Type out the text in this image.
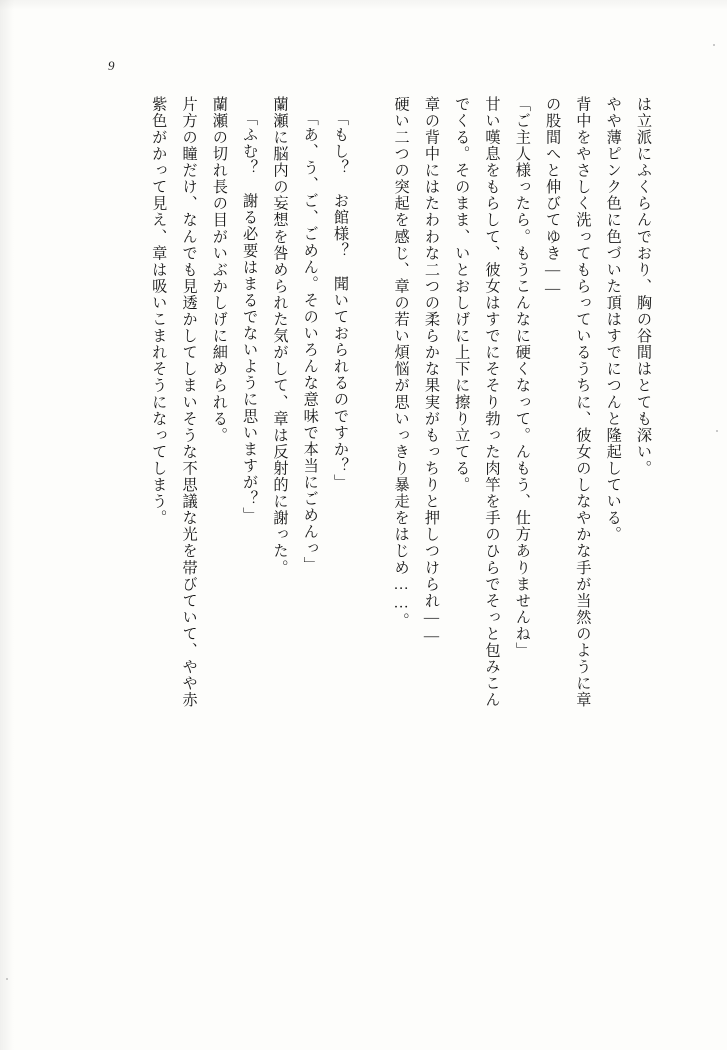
9
は立派にふくらんでおり、胸の谷間はとても深い。
やや薄ピンク色に色づいた頂はすでにつんと隆起している。
背中をやさしく洗ってもらっているうちに、彼女のしなやかな手が当然のように章
の股間へと伸びてゆき――
「ご主人様ったら。もうこんなに硬くなって。んもう、仕方ありませんね」
甘い嘆息をもらして、彼女はすでにそそり勃った肉竿を手のひらでそっと包みこん
でくる。そのまま、いとおしげに上下に擦り立てる。
章の背中にはたわわな二つの柔らかな果実がもっちりと押しつけられ――
硬い二つの突起を感じ、章の若い煩悩が思いっきり暴走をはじめ……。
「もし？　お館様？　聞いておられるのですか？」
「あ、う、ご、ごめん。そのいろんな意味で本当にごめんっ」
蘭瀬に脳内の妄想を咎められた気がして、章は反射的に謝った。
「ふむ？　謝る必要はまるでないように思いますが？」
蘭瀬の切れ長の目がいぶかしげに細められる。
片方の瞳だけ、なんでも見透かしてしまいそうな不思議な光を帯びていて、やや赤
紫色がかって見え、章は吸いこまれそうになってしまう。
